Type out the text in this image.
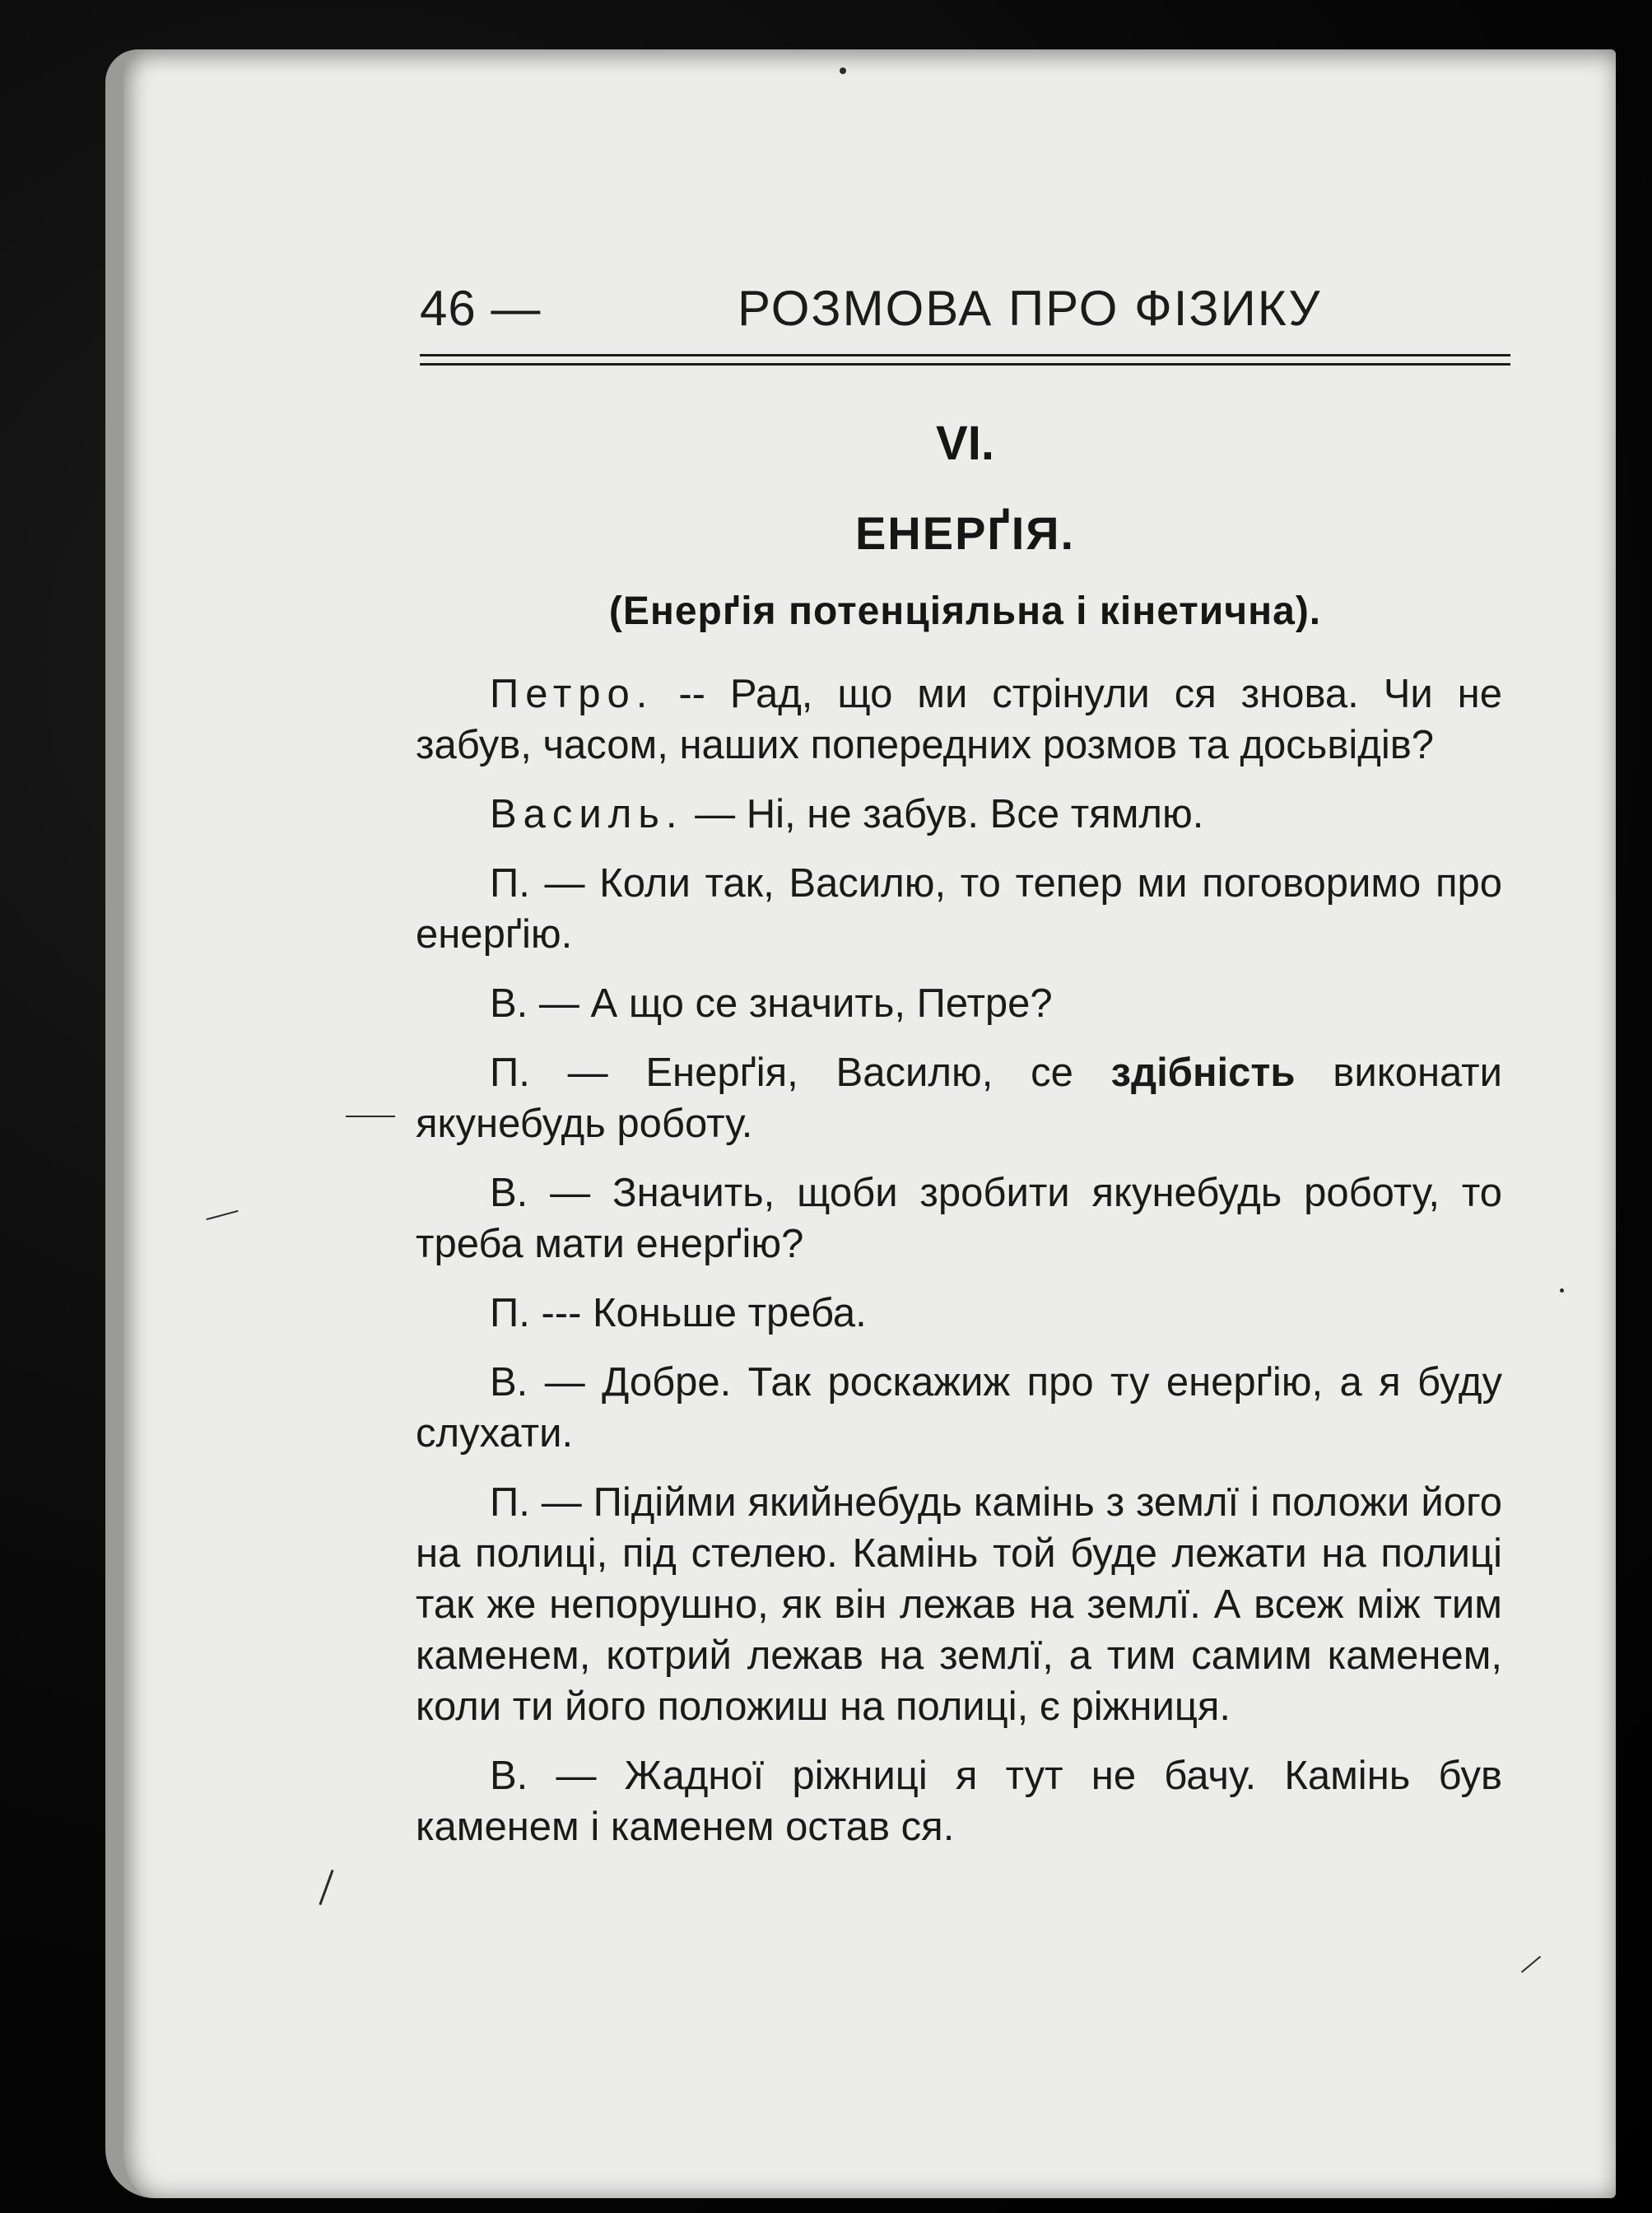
46 —	РОЗМОВА ПРО ФІЗИКУ
VI.
ЕНЕРҐІЯ.
(Енерґія потенціяльна і кінетична).

Петро. -- Рад, що ми стрінули ся знова. Чи не забув, часом, наших попередних розмов та досьвідів?

Василь. — Ні, не забув. Все тямлю.

П. — Коли так, Василю, то тепер ми поговоримо про енерґію.

В. — А що се значить, Петре?

П. — Енерґія, Василю, се здібність виконати якунебудь роботу.

В. — Значить, щоби зробити якунебудь роботу, то треба мати енерґію?

П. --- Коньше треба.

В. — Добре. Так роскажиж про ту енерґію, а я буду слухати.

П. — Підійми якийнебудь камінь з землї і положи його на полиці, під стелею. Камінь той буде лежати на полиці так же непорушно, як він лежав на землї. А всеж між тим каменем, котрий лежав на землї, а тим самим каменем, коли ти його положиш на полиці, є ріжниця.

В. — Жадної ріжниці я тут не бачу. Камінь був каменем і каменем остав ся.
